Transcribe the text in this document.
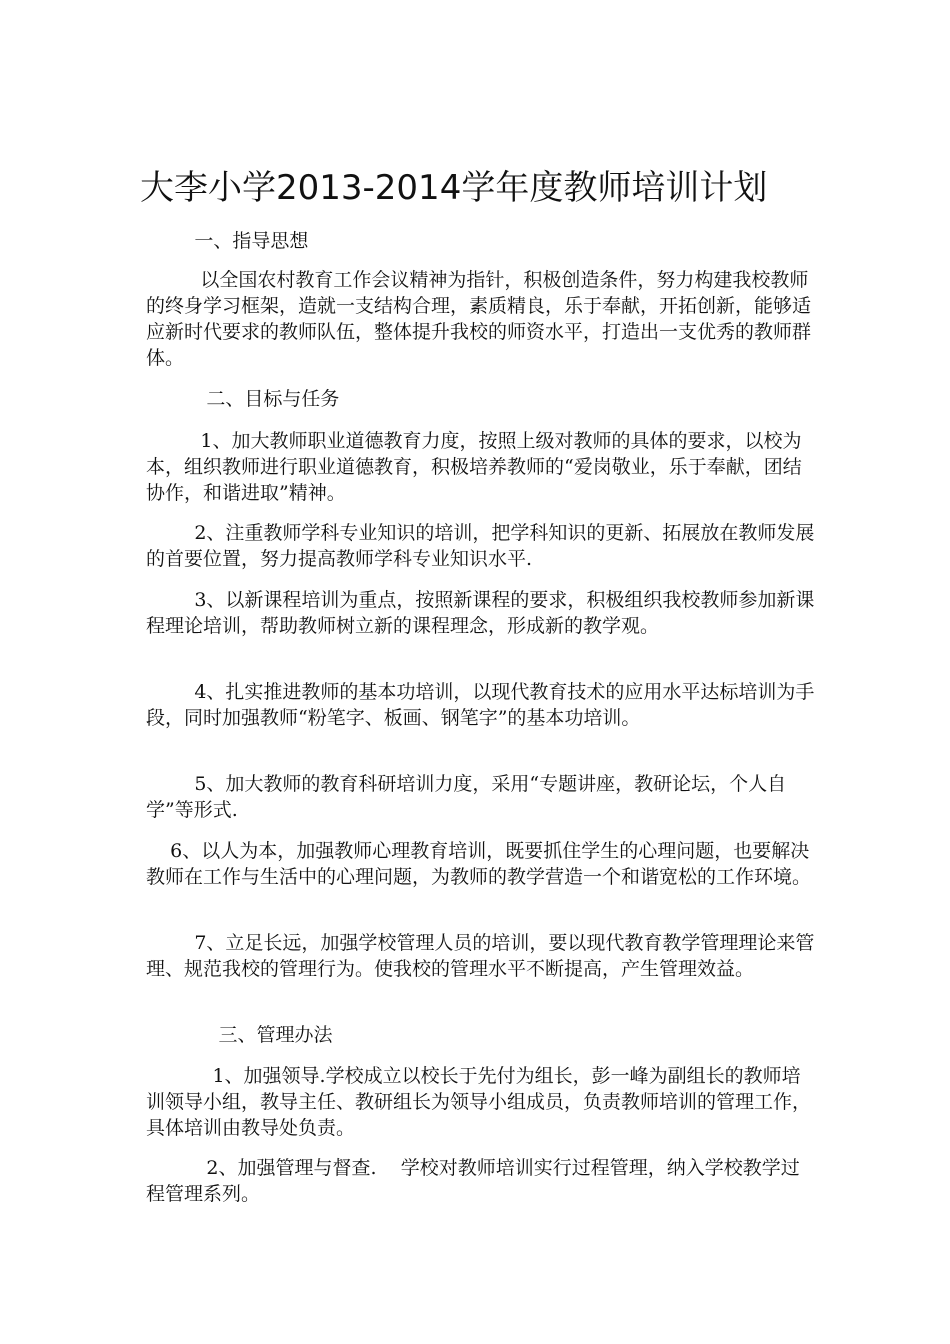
大李小学2013-2014学年度教师培训计划

一、指导思想

以全国农村教育工作会议精神为指针，积极创造条件，努力构建我校教师的终身学习框架，造就一支结构合理，素质精良，乐于奉献，开拓创新，能够适应新时代要求的教师队伍，整体提升我校的师资水平，打造出一支优秀的教师群体。

二、目标与任务

1、加大教师职业道德教育力度，按照上级对教师的具体的要求，以校为本，组织教师进行职业道德教育，积极培养教师的“爱岗敬业，乐于奉献，团结协作，和谐进取”精神。

2、注重教师学科专业知识的培训，把学科知识的更新、拓展放在教师发展的首要位置，努力提高教师学科专业知识水平.

3、以新课程培训为重点，按照新课程的要求，积极组织我校教师参加新课程理论培训，帮助教师树立新的课程理念，形成新的教学观。

4、扎实推进教师的基本功培训，以现代教育技术的应用水平达标培训为手段，同时加强教师“粉笔字、板画、钢笔字”的基本功培训。

5、加大教师的教育科研培训力度，采用“专题讲座，教研论坛，个人自学”等形式.

6、以人为本，加强教师心理教育培训，既要抓住学生的心理问题，也要解决教师在工作与生活中的心理问题，为教师的教学营造一个和谐宽松的工作环境。

7、立足长远，加强学校管理人员的培训，要以现代教育教学管理理论来管理、规范我校的管理行为。使我校的管理水平不断提高，产生管理效益。

三、管理办法

1、加强领导.学校成立以校长于先付为组长，彭一峰为副组长的教师培训领导小组，教导主任、教研组长为领导小组成员，负责教师培训的管理工作，具体培训由教导处负责。

2、加强管理与督查.    学校对教师培训实行过程管理，纳入学校教学过程管理系列。
